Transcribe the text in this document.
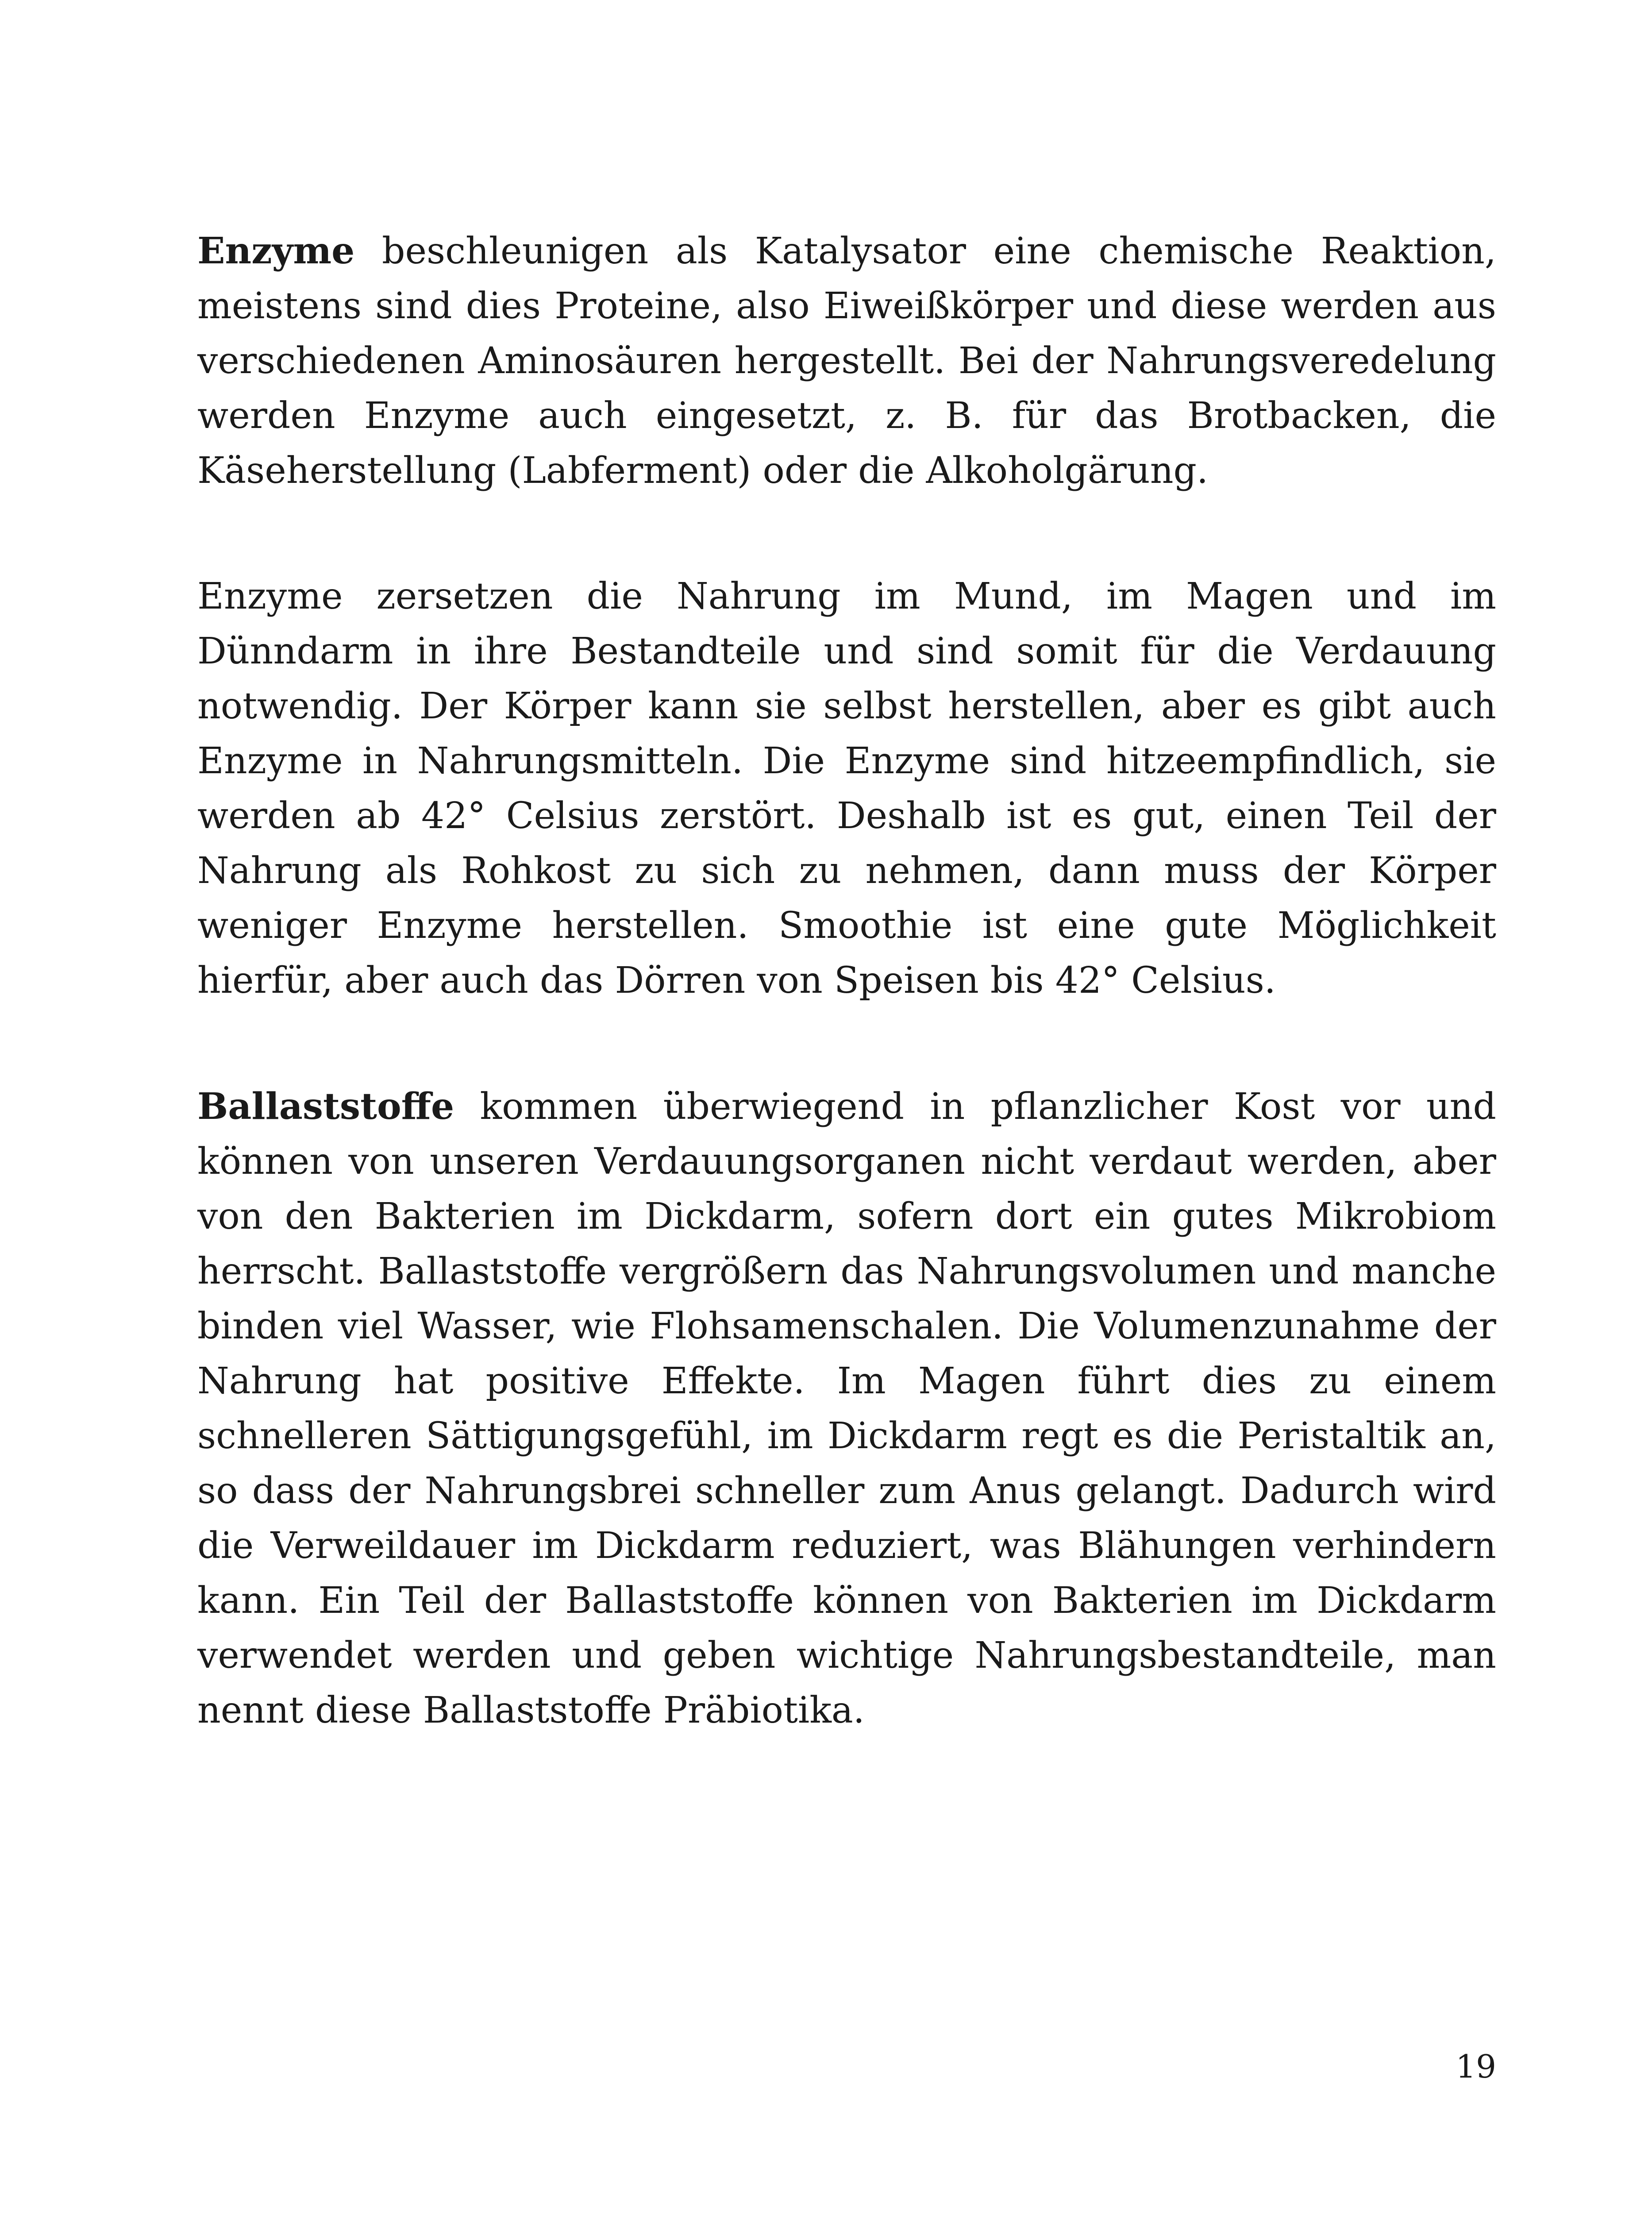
Enzyme beschleunigen als Katalysator eine chemische Reaktion, meistens sind dies Proteine, also Eiweißkörper und diese werden aus verschiedenen Aminosäuren hergestellt. Bei der Nahrungsveredelung werden Enzyme auch eingesetzt, z. B. für das Brotbacken, die Käseherstellung (Labferment) oder die Alkoholgärung.

Enzyme zersetzen die Nahrung im Mund, im Magen und im Dünndarm in ihre Bestandteile und sind somit für die Verdauung notwendig. Der Körper kann sie selbst herstellen, aber es gibt auch Enzyme in Nahrungsmitteln. Die Enzyme sind hitzeempfindlich, sie werden ab 42° Celsius zerstört. Deshalb ist es gut, einen Teil der Nahrung als Rohkost zu sich zu nehmen, dann muss der Körper weniger Enzyme herstellen. Smoothie ist eine gute Möglichkeit hierfür, aber auch das Dörren von Speisen bis 42° Celsius.

Ballaststoffe kommen überwiegend in pflanzlicher Kost vor und können von unseren Verdauungsorganen nicht verdaut werden, aber von den Bakterien im Dickdarm, sofern dort ein gutes Mikrobiom herrscht. Ballaststoffe vergrößern das Nahrungsvolumen und manche binden viel Wasser, wie Flohsamenschalen. Die Volumenzunahme der Nahrung hat positive Effekte. Im Magen führt dies zu einem schnelleren Sättigungsgefühl, im Dickdarm regt es die Peristaltik an, so dass der Nahrungsbrei schneller zum Anus gelangt. Dadurch wird die Verweildauer im Dickdarm reduziert, was Blähungen verhindern kann. Ein Teil der Ballaststoffe können von Bakterien im Dickdarm verwendet werden und geben wichtige Nahrungsbestandteile, man nennt diese Ballaststoffe Präbiotika.

19
